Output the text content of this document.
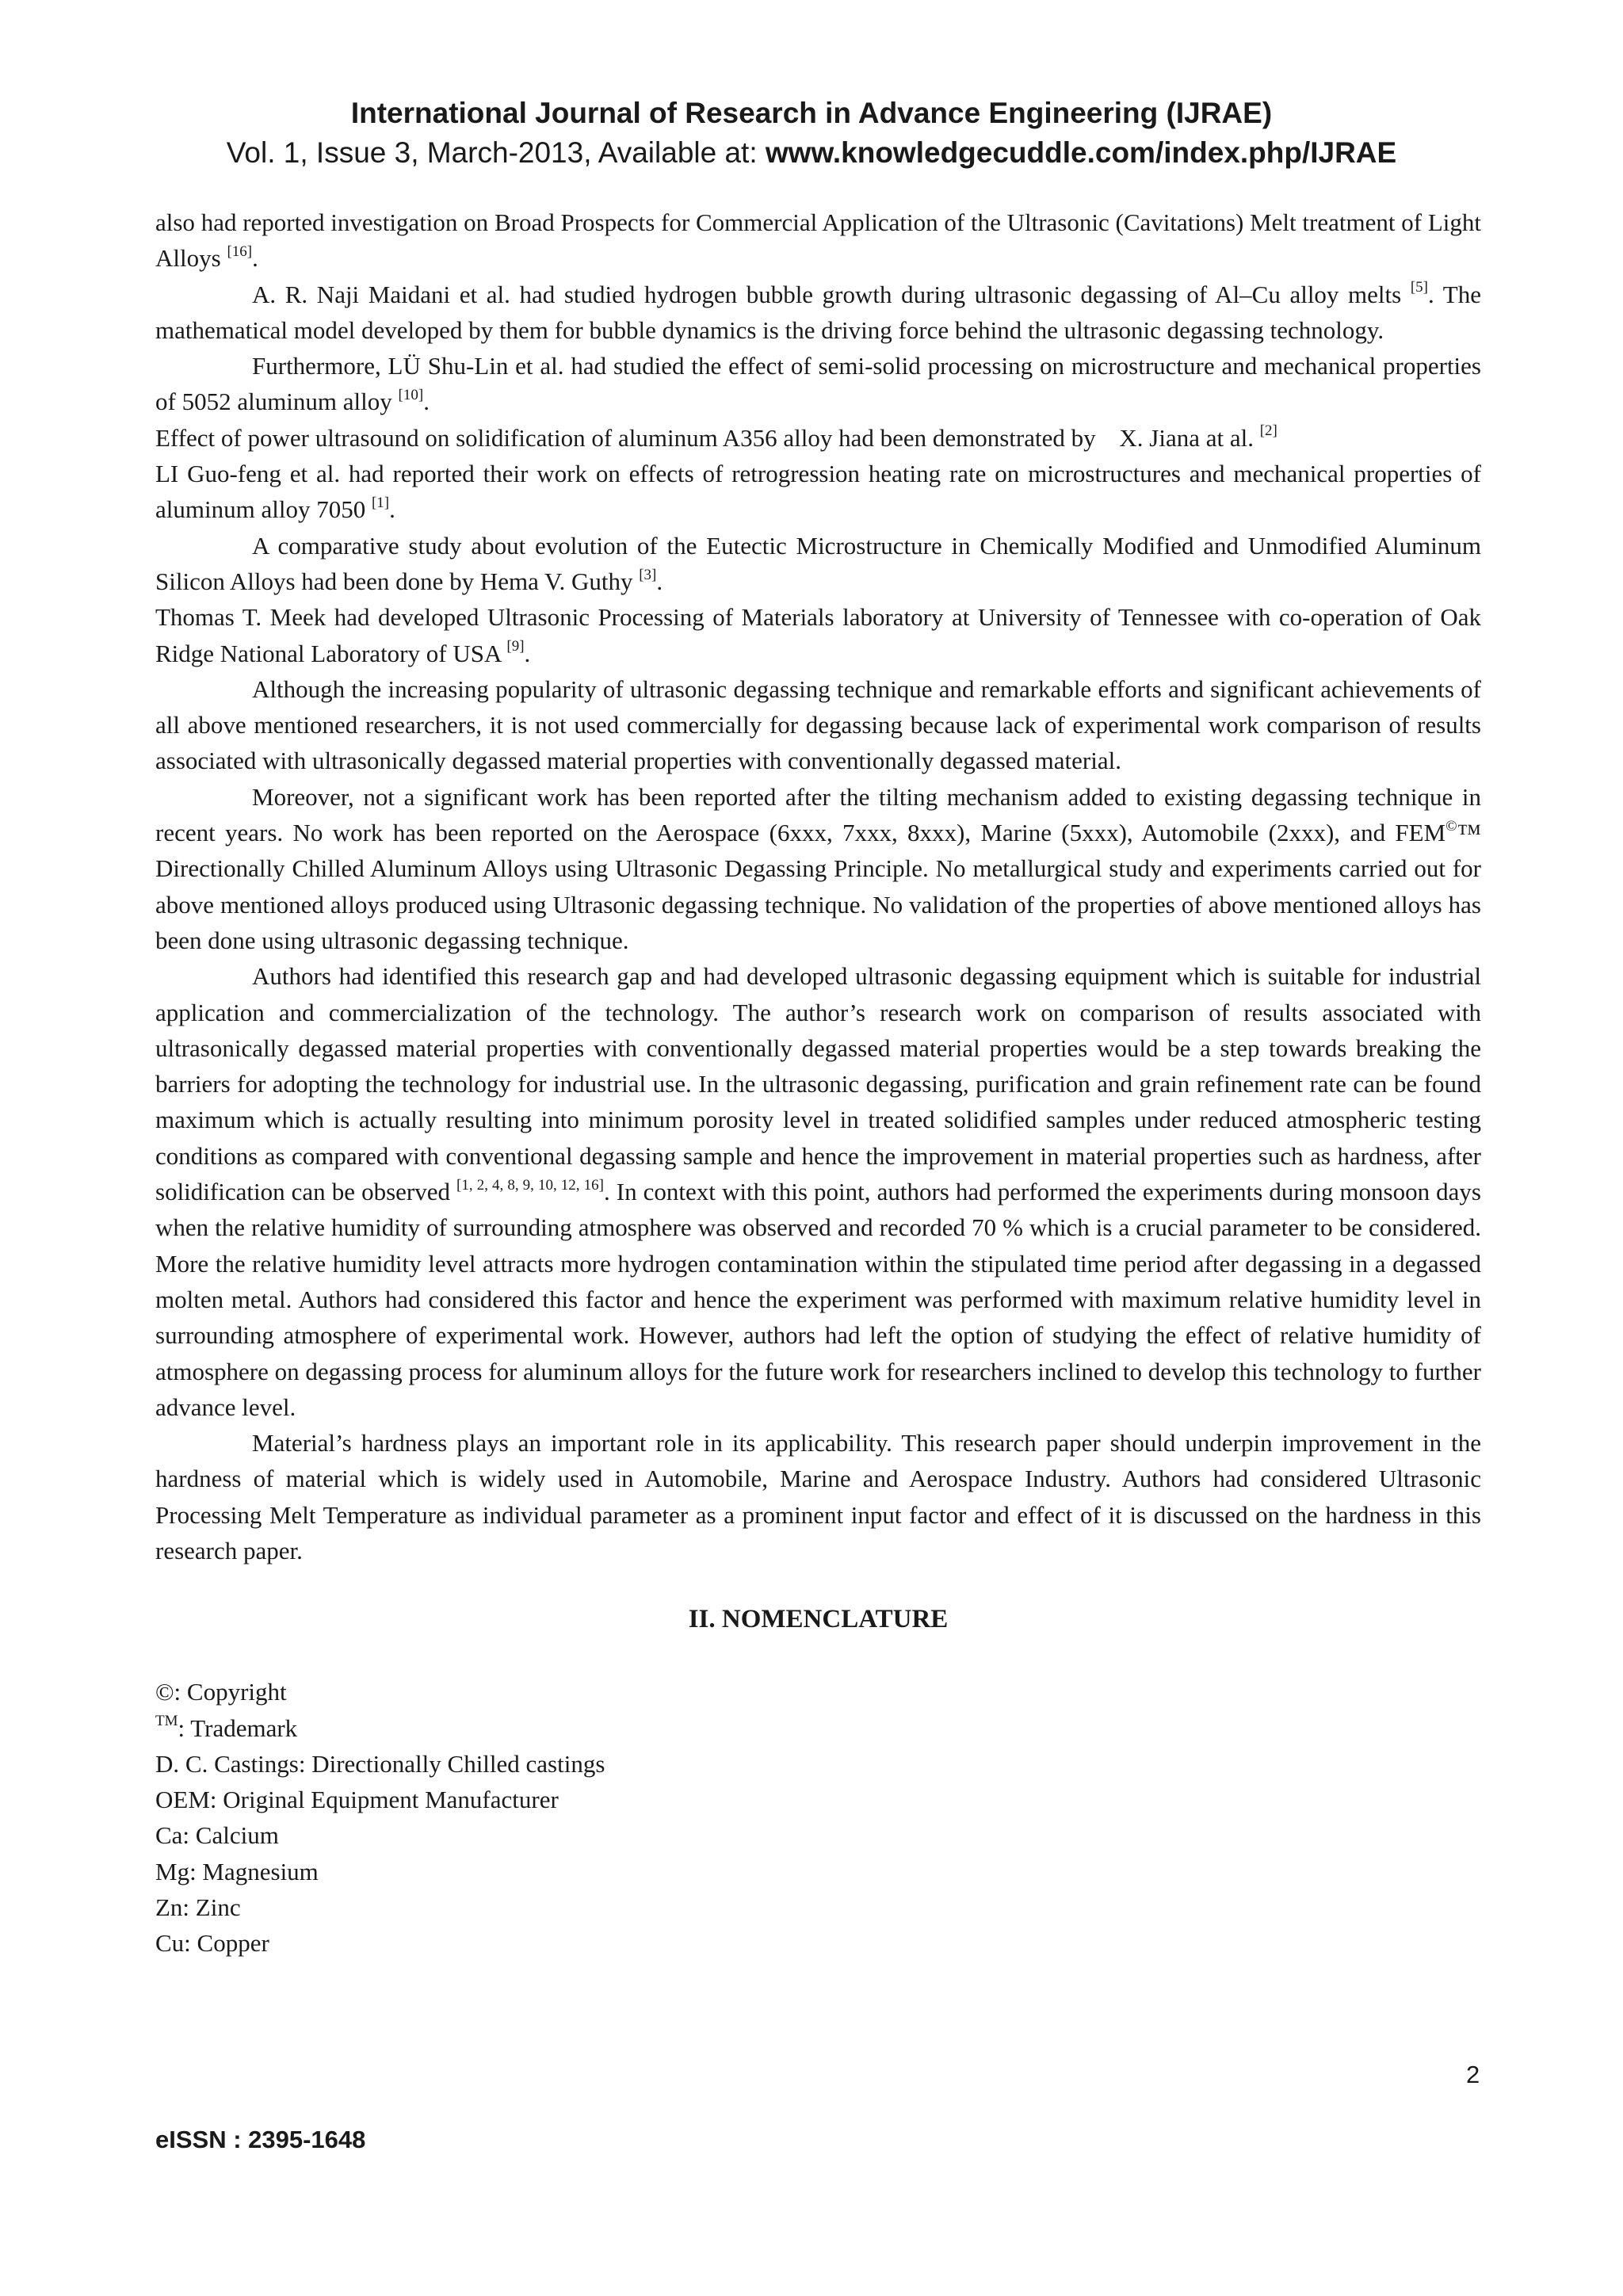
International Journal of Research in Advance Engineering (IJRAE)
Vol. 1, Issue 3, March-2013, Available at: www.knowledgecuddle.com/index.php/IJRAE

also had reported investigation on Broad Prospects for Commercial Application of the Ultrasonic (Cavitations) Melt treatment of Light Alloys [16].

A. R. Naji Maidani et al. had studied hydrogen bubble growth during ultrasonic degassing of Al–Cu alloy melts [5]. The mathematical model developed by them for bubble dynamics is the driving force behind the ultrasonic degassing technology.

Furthermore, LÜ Shu-Lin et al. had studied the effect of semi-solid processing on microstructure and mechanical properties of 5052 aluminum alloy [10].

Effect of power ultrasound on solidification of aluminum A356 alloy had been demonstrated by X. Jiana at al. [2]

LI Guo-feng et al. had reported their work on effects of retrogression heating rate on microstructures and mechanical properties of aluminum alloy 7050 [1].

A comparative study about evolution of the Eutectic Microstructure in Chemically Modified and Unmodified Aluminum Silicon Alloys had been done by Hema V. Guthy [3].

Thomas T. Meek had developed Ultrasonic Processing of Materials laboratory at University of Tennessee with co-operation of Oak Ridge National Laboratory of USA [9].

Although the increasing popularity of ultrasonic degassing technique and remarkable efforts and significant achievements of all above mentioned researchers, it is not used commercially for degassing because lack of experimental work comparison of results associated with ultrasonically degassed material properties with conventionally degassed material.

Moreover, not a significant work has been reported after the tilting mechanism added to existing degassing technique in recent years. No work has been reported on the Aerospace (6xxx, 7xxx, 8xxx), Marine (5xxx), Automobile (2xxx), and FEM©™ Directionally Chilled Aluminum Alloys using Ultrasonic Degassing Principle. No metallurgical study and experiments carried out for above mentioned alloys produced using Ultrasonic degassing technique. No validation of the properties of above mentioned alloys has been done using ultrasonic degassing technique.

Authors had identified this research gap and had developed ultrasonic degassing equipment which is suitable for industrial application and commercialization of the technology. The author’s research work on comparison of results associated with ultrasonically degassed material properties with conventionally degassed material properties would be a step towards breaking the barriers for adopting the technology for industrial use. In the ultrasonic degassing, purification and grain refinement rate can be found maximum which is actually resulting into minimum porosity level in treated solidified samples under reduced atmospheric testing conditions as compared with conventional degassing sample and hence the improvement in material properties such as hardness, after solidification can be observed [1, 2, 4, 8, 9, 10, 12, 16]. In context with this point, authors had performed the experiments during monsoon days when the relative humidity of surrounding atmosphere was observed and recorded 70 % which is a crucial parameter to be considered. More the relative humidity level attracts more hydrogen contamination within the stipulated time period after degassing in a degassed molten metal. Authors had considered this factor and hence the experiment was performed with maximum relative humidity level in surrounding atmosphere of experimental work. However, authors had left the option of studying the effect of relative humidity of atmosphere on degassing process for aluminum alloys for the future work for researchers inclined to develop this technology to further advance level.

Material’s hardness plays an important role in its applicability. This research paper should underpin improvement in the hardness of material which is widely used in Automobile, Marine and Aerospace Industry. Authors had considered Ultrasonic Processing Melt Temperature as individual parameter as a prominent input factor and effect of it is discussed on the hardness in this research paper.

II. NOMENCLATURE
©: Copyright
™: Trademark
D. C. Castings: Directionally Chilled castings
OEM: Original Equipment Manufacturer
Ca: Calcium
Mg: Magnesium
Zn: Zinc
Cu: Copper
2
eISSN : 2395-1648
